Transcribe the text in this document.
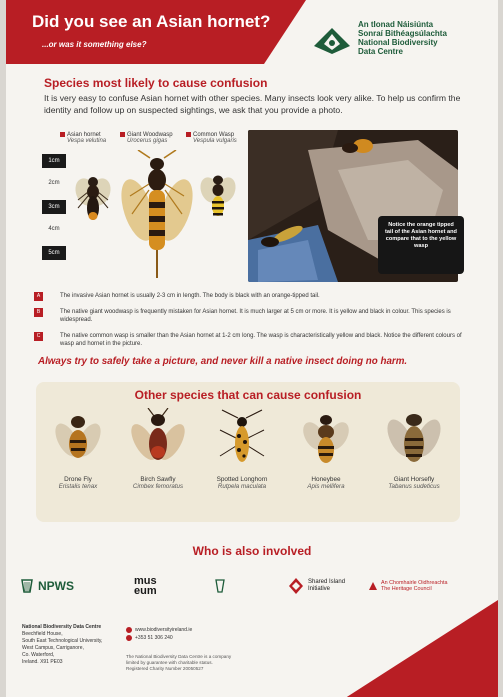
Did you see an Asian hornet?
...or was it something else?
An tIonad Náisiúnta
Sonraí Bithéagsúlachta
National Biodiversity
Data Centre
Species most likely to cause confusion
It is very easy to confuse Asian hornet with other species. Many insects look very alike. To help us confirm the identity and follow up on suspected sightings, we ask that you provide a photo.
Asian hornet
Vespa velutina
Giant Woodwasp
Urocerus gigas
Common Wasp
Vespula vulgaris
1cm
2cm
3cm
4cm
5cm
Notice the orange tipped tail of the Asian hornet and compare that to the yellow wasp
A	The invasive Asian hornet is usually 2-3 cm in length. The body is black with an orange-tipped tail.
B	The native giant woodwasp is frequently mistaken for Asian hornet. It is much larger at 5 cm or more. It is yellow and black in colour. This species is widespread.
C	The native common wasp is smaller than the Asian hornet at 1-2 cm long. The wasp is characteristically yellow and black. Notice the different colours of wasp and hornet in the picture.
Always try to safely take a picture, and never kill a native insect doing no harm.
Other species that can cause confusion
Drone Fly
Eristalis tenax
Birch Sawfly
Cimbex femoratus
Spotted Longhorn
Rutpela maculata
Honeybee
Apis mellifera
Giant Horsefly
Tabanus sudeticus
Who is also involved
NPWS	mus eum
Shared Island
Initiative
An Chomhairle Oidhreachta
The Heritage Council
National Biodiversity Data Centre
Beechfield House,
South East Technological University,
West Campus, Carriganore,
Co. Waterford,
Ireland. X91 PE03
www.biodiversityireland.ie
+353 51 306 240
The National Biodiversity Data Centre is a company limited by guarantee with charitable status. Registered Charity Number 20050527
